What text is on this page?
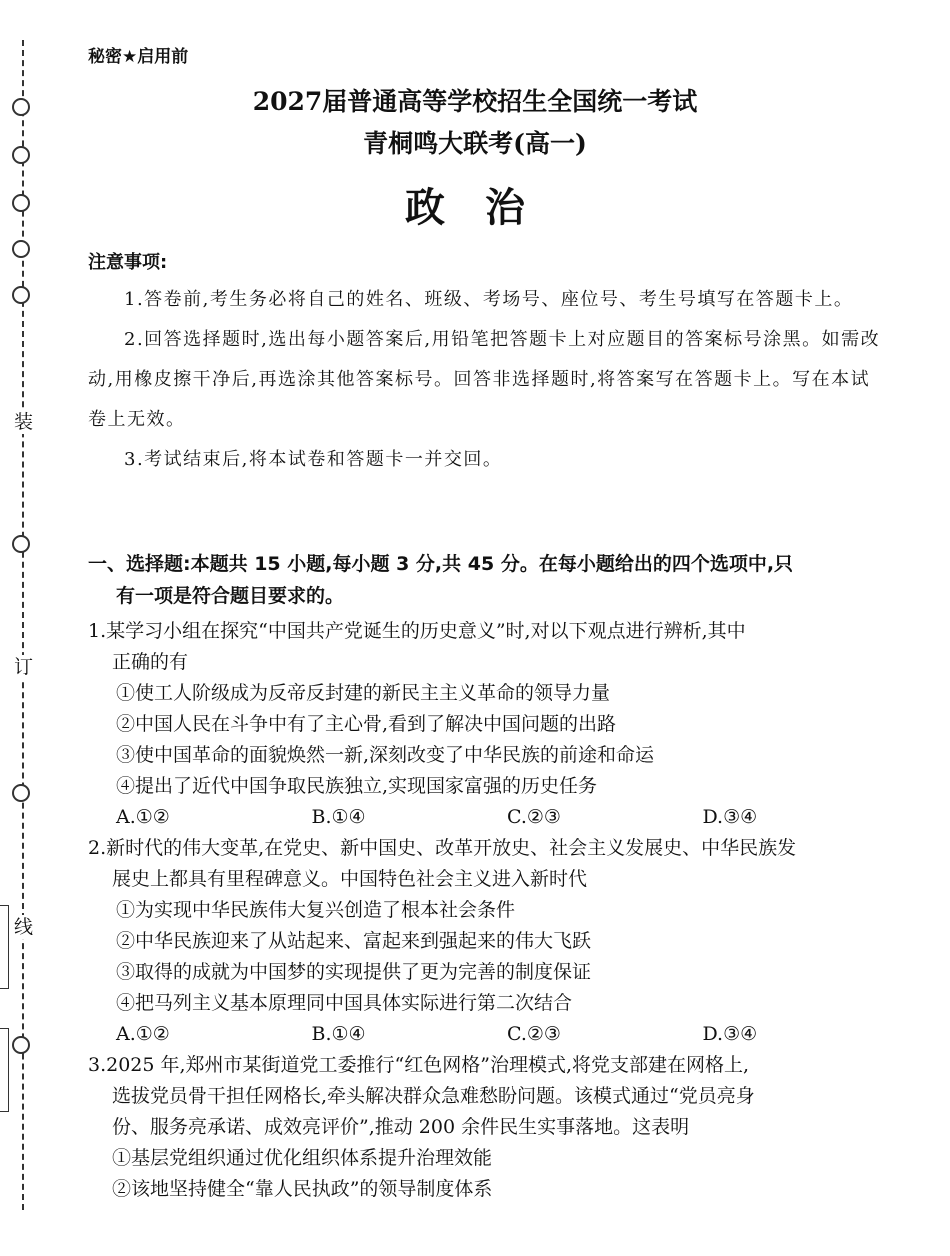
装
订
线
秘密★启用前
2027届普通高等学校招生全国统一考试
青桐鸣大联考(高一)
政治
注意事项:

1.答卷前,考生务必将自己的姓名、班级、考场号、座位号、考生号填写在答题卡上。

2.回答选择题时,选出每小题答案后,用铅笔把答题卡上对应题目的答案标号涂黑。如需改动,用橡皮擦干净后,再选涂其他答案标号。回答非选择题时,将答案写在答题卡上。写在本试卷上无效。

3.考试结束后,将本试卷和答题卡一并交回。

一、选择题:本题共 15 小题,每小题 3 分,共 45 分。在每小题给出的四个选项中,只
有一项是符合题目要求的。
1.某学习小组在探究“中国共产党诞生的历史意义”时,对以下观点进行辨析,其中
正确的有
①使工人阶级成为反帝反封建的新民主主义革命的领导力量
②中国人民在斗争中有了主心骨,看到了解决中国问题的出路
③使中国革命的面貌焕然一新,深刻改变了中华民族的前途和命运
④提出了近代中国争取民族独立,实现国家富强的历史任务
A.①②	B.①④	C.②③	D.③④
2.新时代的伟大变革,在党史、新中国史、改革开放史、社会主义发展史、中华民族发
展史上都具有里程碑意义。中国特色社会主义进入新时代
①为实现中华民族伟大复兴创造了根本社会条件
②中华民族迎来了从站起来、富起来到强起来的伟大飞跃
③取得的成就为中国梦的实现提供了更为完善的制度保证
④把马列主义基本原理同中国具体实际进行第二次结合
A.①②	B.①④	C.②③	D.③④
3.2025 年,郑州市某街道党工委推行“红色网格”治理模式,将党支部建在网格上,
选拔党员骨干担任网格长,牵头解决群众急难愁盼问题。该模式通过“党员亮身
份、服务亮承诺、成效亮评价”,推动 200 余件民生实事落地。这表明
①基层党组织通过优化组织体系提升治理效能
②该地坚持健全“靠人民执政”的领导制度体系
